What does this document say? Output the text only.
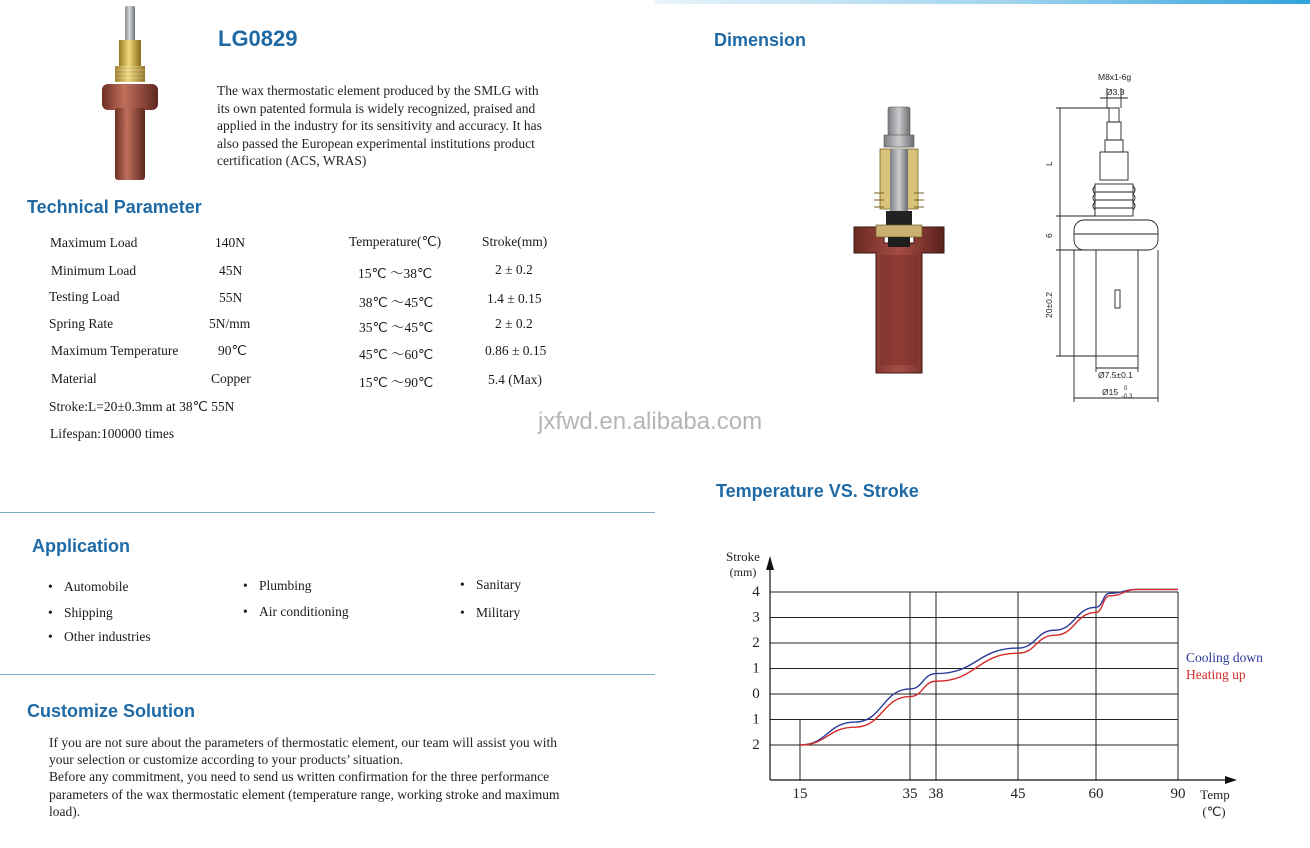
LG0829
The wax thermostatic element produced by the SMLG with
its own patented formula is widely recognized, praised and
applied in the industry for its sensitivity and accuracy. It has
also passed the European experimental institutions product
certification (ACS, WRAS)
Technical Parameter
Maximum Load	140N
Minimum Load	45N
Testing Load	55N
Spring Rate	5N/mm
Maximum Temperature	90℃
Material	Copper
Temperature(℃)	Stroke(mm)
15℃ ～38℃	2 ± 0.2
38℃ ～45℃	1.4 ± 0.15
35℃ ～45℃	2 ± 0.2
45℃ ～60℃	0.86 ± 0.15
15℃ ～90℃	5.4 (Max)
Stroke:L=20±0.3mm at 38℃ 55N
Lifespan:100000 times	jxfwd.en.alibaba.com
Application
• Automobile	• Plumbing	• Sanitary
• Shipping	• Air conditioning	• Military
• Other industries
Customize Solution
If you are not sure about the parameters of thermostatic element, our team will assist you with
your selection or customize according to your products’ situation.
Before any commitment, you need to send us written confirmation for the three performance
parameters of the wax thermostatic element (temperature range, working stroke and maximum
load).
Dimension
M8x1-6g
Ø3.3
L
6
20±0.2
Ø7.5±0.1
Ø15 0
-0.3
Temperature VS. Stroke
4
3
2
1
0
1
2
15	35 38	45	60	90
Stroke
(mm)
Temp
(℃)
Cooling down
Heating up
